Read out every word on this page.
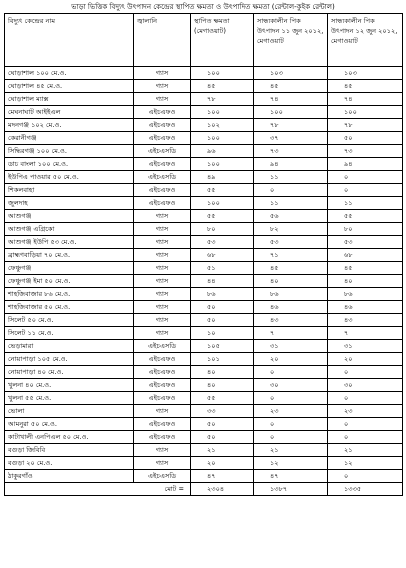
ভাড়া ভিত্তিক বিদ্যুৎ উৎপাদন কেন্দ্রের স্থাপিত ক্ষমতা ও উৎপাদিত ক্ষমতা (রেন্টাল-কুইক রেন্টাল)
বিদ্যুৎ কেন্দ্রের নাম	জ্বালানি	স্থাপিত ক্ষমতা (মেগাওয়াট)	সান্ধ্যকালীন পিক উৎপাদন ১১ জুন ২০১২, মেগাওয়াট	সান্ধ্যকালীন পিক উৎপাদন ১২ জুন ২০১২, মেগাওয়াট
ঘোড়াশাল ১০০ মে.ও.	গ্যাস	১০০	১০৩	১০৩
ঘোড়াশাল ৪৫ মে.ও.	গ্যাস	৪৫	৪৫	৪৫
ঘোড়াশাল ম্যাক্স	গ্যাস	৭৮	৭৪	৭৪
মেঘনাঘাট আইইএল	এইচএফও	১০০	১০০	১০০
মদনগঞ্জ ১০২ মে.ও.	এইচএফও	১০২	৭৮	৭৮
কেরানীগঞ্জ	এইচএফও	১০০	৩৭	৫০
সিদ্ধিরগঞ্জ ১০০ মে.ও.	এইচএসডি	৯৬	৭৩	৭৩
ডাচ বাংলা ১০০ মে.ও.	এইচএফও	১০০	৯৪	৯৪
ইউপিএ পাওয়ার ৫০ মে.ও.	এইচএসডি	৪৯	১১	০
শিকলবাহা	এইচএফও	৫৫	০	০
জুলদাহ	এইচএফও	১০০	১১	১১
আশুগঞ্জ	গ্যাস	৫৫	৫৬	৫৫
আশুগঞ্জ এগ্রিকো	গ্যাস	৮০	৮২	৮০
আশুগঞ্জ ইউপি ৫৩ মে.ও.	গ্যাস	৫৩	৫৩	৫৩
ব্রাহ্মণবাড়িয়া ৭০ মে.ও.	গ্যাস	৬৮	৭১	৬৮
ফেঞ্চুগঞ্জ	গ্যাস	৫১	৪৫	৪৫
ফেঞ্চুগঞ্জ ইমা ৫০ মে.ও.	গ্যাস	৪৪	৪০	৪০
শাহজিবাজার ৮৬ মে.ও.	গ্যাস	৮৬	৮৬	৮৬
শাহজিবাজার ৫০ মে.ও.	গ্যাস	৫০	৪৬	৪৬
সিলেট ৫০ মে.ও.	গ্যাস	৫০	৪৩	৪৩
সিলেট ১১ মে.ও.	গ্যাস	১০	৭	৭
ভেড়ামারা	এইচএসডি	১০৫	৩১	৩১
নোয়াপাড়া ১০৫ মে.ও.	এইচএফও	১০১	২০	২০
নোয়াপাড়া ৪০ মে.ও.	এইচএফও	৪০	০	০
খুলনা ৪০ মে.ও.	এইচএফও	৪০	৩০	৩০
খুলনা ৫৫ মে.ও.	এইচএফও	৫৫	০	০
ভোলা	গ্যাস	৩৩	২৩	২৩
আমনুরা ৫০ মে.ও.	এইচএফও	৫০	০	০
কাটাখালী এনপিএল ৫০ মে.ও.	এইচএফও	৫০	০	০
বগুড়া জিবিবি	গ্যাস	২১	২১	২১
বগুড়া ২০ মে.ও.	গ্যাস	২০	১২	১২
ঠাকুরগাঁও	এইচএসডি	৪৭	৪৭	০
মোট =		২৩০৪	১৩৮৭	১৩৩৫
